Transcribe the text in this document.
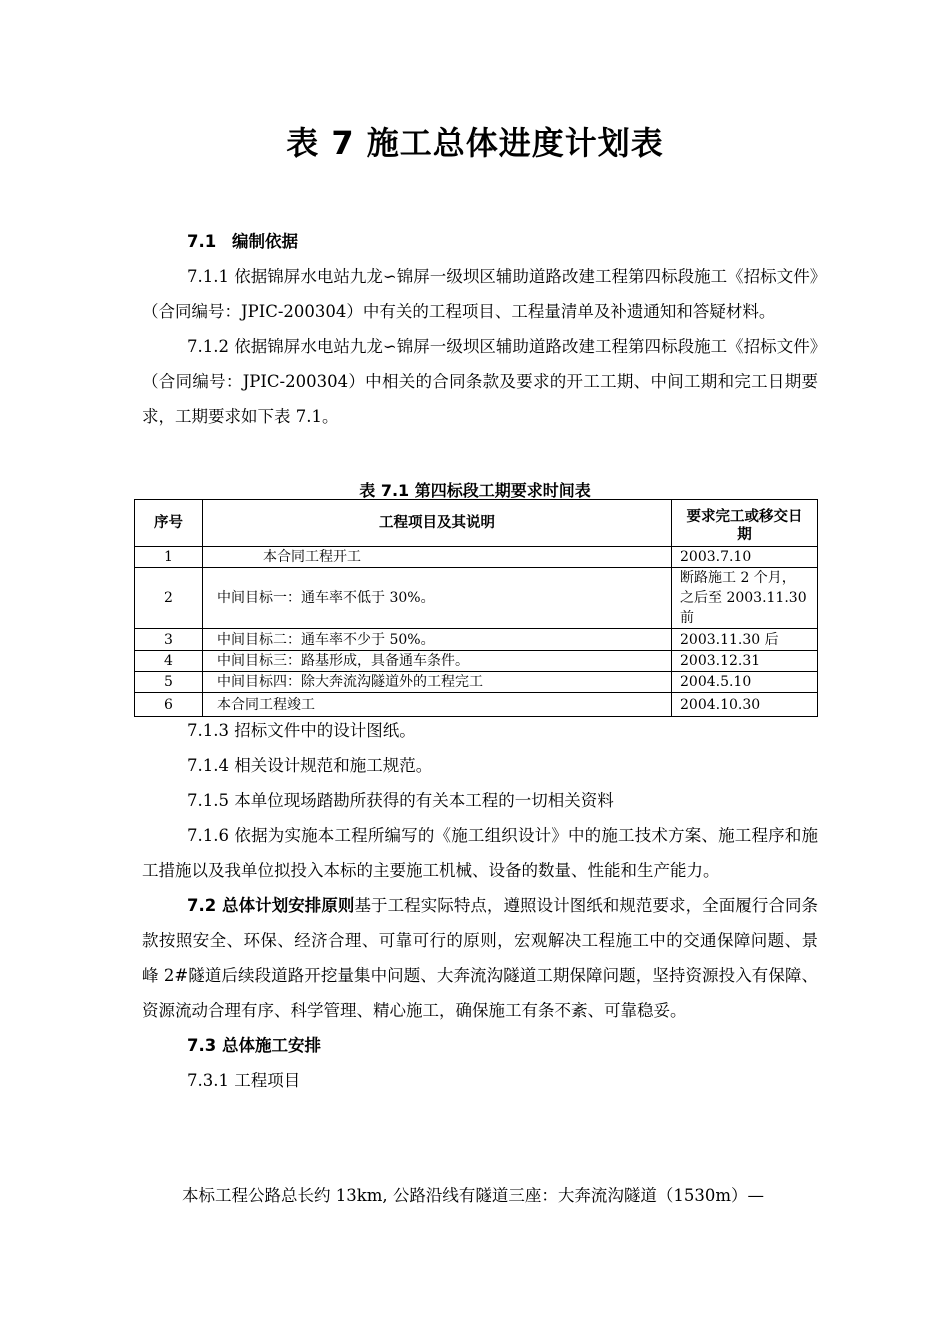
表 7 施工总体进度计划表

7.1 编制依据

7.1.1 依据锦屏水电站九龙∽锦屏一级坝区辅助道路改建工程第四标段施工《招标文件》（合同编号：JPIC-200304）中有关的工程项目、工程量清单及补遗通知和答疑材料。

7.1.2 依据锦屏水电站九龙∽锦屏一级坝区辅助道路改建工程第四标段施工《招标文件》（合同编号：JPIC-200304）中相关的合同条款及要求的开工工期、中间工期和完工日期要求，工期要求如下表 7.1。

表 7.1 第四标段工期要求时间表
序号	工程项目及其说明	要求完工或移交日期
1	本合同工程开工	2003.7.10
2	中间目标一：通车率不低于 30%。	断路施工 2 个月，之后至 2003.11.30 前
3	中间目标二：通车率不少于 50%。	2003.11.30 后
4	中间目标三：路基形成，具备通车条件。	2003.12.31
5	中间目标四：除大奔流沟隧道外的工程完工	2004.5.10
6	本合同工程竣工	2004.10.30

7.1.3 招标文件中的设计图纸。

7.1.4 相关设计规范和施工规范。

7.1.5 本单位现场踏勘所获得的有关本工程的一切相关资料

7.1.6 依据为实施本工程所编写的《施工组织设计》中的施工技术方案、施工程序和施工措施以及我单位拟投入本标的主要施工机械、设备的数量、性能和生产能力。

7.2 总体计划安排原则基于工程实际特点，遵照设计图纸和规范要求，全面履行合同条款按照安全、环保、经济合理、可靠可行的原则，宏观解决工程施工中的交通保障问题、景峰 2#隧道后续段道路开挖量集中问题、大奔流沟隧道工期保障问题，坚持资源投入有保障、资源流动合理有序、科学管理、精心施工，确保施工有条不紊、可靠稳妥。

7.3 总体施工安排

7.3.1 工程项目

本标工程公路总长约 13km, 公路沿线有隧道三座：大奔流沟隧道（1530m）—
